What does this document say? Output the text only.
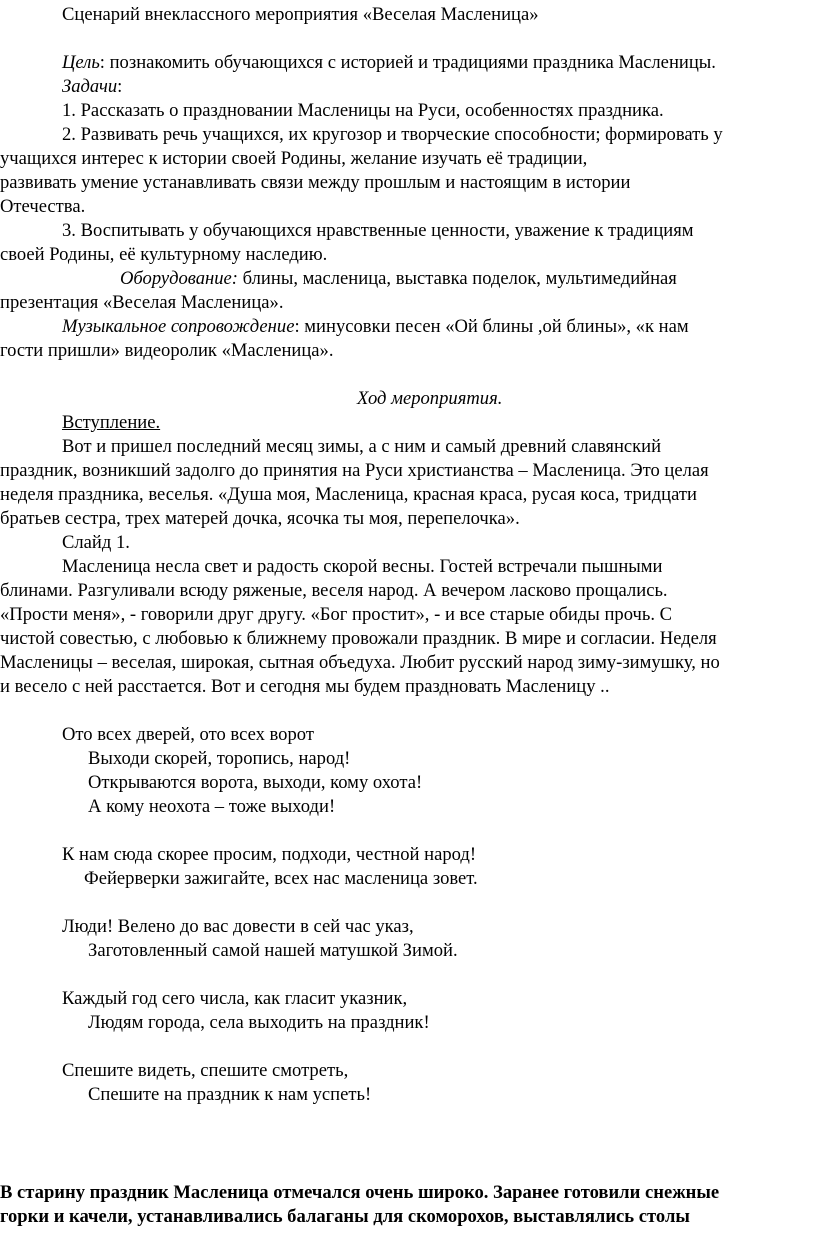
Сценарий внеклассного мероприятия «Веселая Масленица»
Цель: познакомить обучающихся с историей и традициями праздника Масленицы.
Задачи:
1. Рассказать о праздновании Масленицы на Руси, особенностях праздника.
2. Развивать речь учащихся, их кругозор и творческие способности; формировать у
учащихся интерес к истории своей Родины, желание изучать её традиции,
развивать умение устанавливать связи между прошлым и настоящим в истории
Отечества.
3. Воспитывать у обучающихся нравственные ценности, уважение к традициям
своей Родины, её культурному наследию.
Оборудование: блины, масленица, выставка поделок, мультимедийная
презентация «Веселая Масленица».
Музыкальное сопровождение: минусовки песен «Ой блины ,ой блины», «к нам
гости пришли» видеоролик «Масленица».
Ход мероприятия.
Вступление.
Вот и пришел последний месяц зимы, а с ним и самый древний славянский
праздник, возникший задолго до принятия на Руси христианства – Масленица. Это целая
неделя праздника, веселья. «Душа моя, Масленица, красная краса, русая коса, тридцати
братьев сестра, трех матерей дочка, ясочка ты моя, перепелочка».
Слайд 1.
Масленица несла свет и радость скорой весны. Гостей встречали пышными
блинами. Разгуливали всюду ряженые, веселя народ. А вечером ласково прощались.
«Прости меня», - говорили друг другу. «Бог простит», - и все старые обиды прочь. С
чистой совестью, с любовью к ближнему провожали праздник. В мире и согласии. Неделя
Масленицы – веселая, широкая, сытная объедуха. Любит русский народ зиму-зимушку, но
и весело с ней расстается. Вот и сегодня мы будем праздновать Масленицу ..
Ото всех дверей, ото всех ворот
Выходи скорей, торопись, народ!
Открываются ворота, выходи, кому охота!
А кому неохота – тоже выходи!
К нам сюда скорее просим, подходи, честной народ!
Фейерверки зажигайте, всех нас масленица зовет.
Люди! Велено до вас довести в сей час указ,
Заготовленный самой нашей матушкой Зимой.
Каждый год сего числа, как гласит указник,
Людям города, села выходить на праздник!
Спешите видеть, спешите смотреть,
Спешите на праздник к нам успеть!
В старину праздник Масленица отмечался очень широко. Заранее готовили снежные
горки и качели, устанавливались балаганы для скоморохов, выставлялись столы
